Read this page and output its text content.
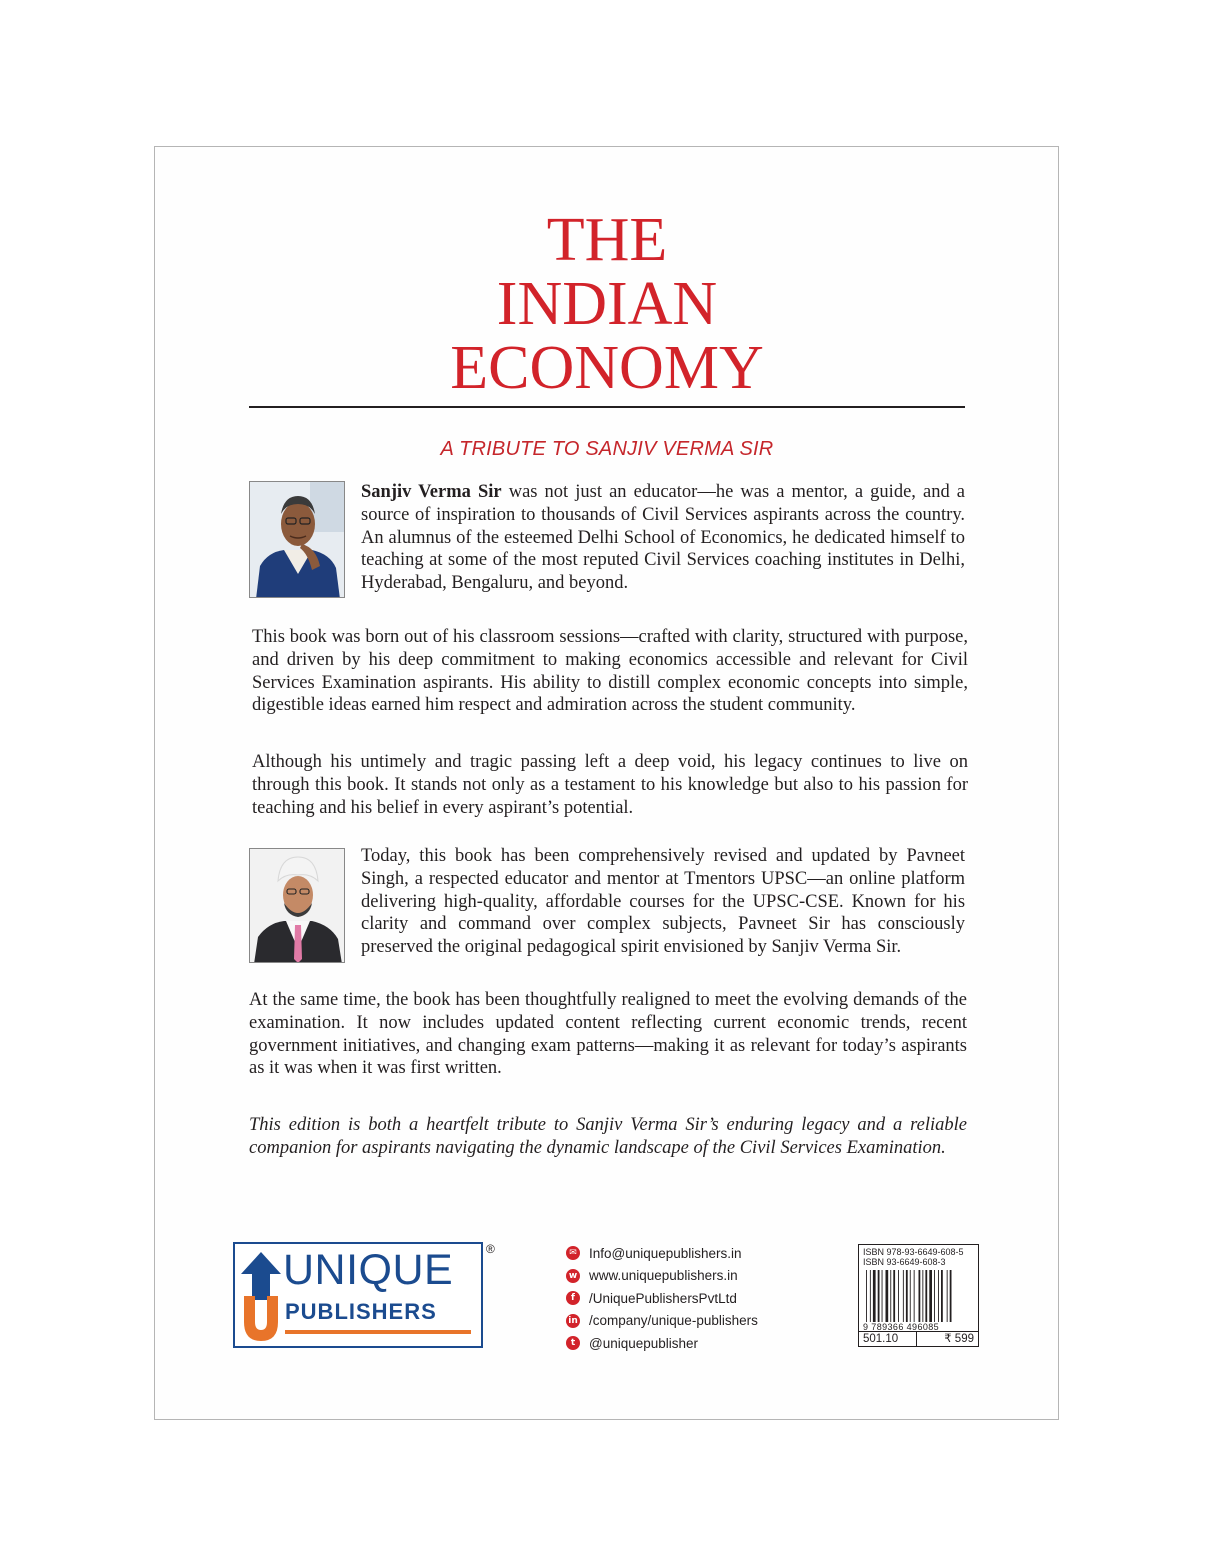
THE
INDIAN
ECONOMY
A TRIBUTE TO SANJIV VERMA SIR

Sanjiv Verma Sir was not just an educator—he was a mentor, a guide, and a source of inspiration to thousands of Civil Services aspirants across the country. An alumnus of the esteemed Delhi School of Economics, he dedicated himself to teaching at some of the most reputed Civil Services coaching institutes in Delhi, Hyderabad, Bengaluru, and beyond.

This book was born out of his classroom sessions—crafted with clarity, structured with purpose, and driven by his deep commitment to making economics accessible and relevant for Civil Services Examination aspirants. His ability to distill complex economic concepts into simple, digestible ideas earned him respect and admiration across the student community.

Although his untimely and tragic passing left a deep void, his legacy continues to live on through this book. It stands not only as a testament to his knowledge but also to his passion for teaching and his belief in every aspirant’s potential.

Today, this book has been comprehensively revised and updated by Pavneet Singh, a respected educator and mentor at Tmentors UPSC—an online platform delivering high-quality, affordable courses for the UPSC-CSE. Known for his clarity and command over complex subjects, Pavneet Sir has consciously preserved the original pedagogical spirit envisioned by Sanjiv Verma Sir.

At the same time, the book has been thoughtfully realigned to meet the evolving demands of the examination. It now includes updated content reflecting current economic trends, recent government initiatives, and changing exam patterns—making it as relevant for today’s aspirants as it was when it was first written.

This edition is both a heartfelt tribute to Sanjiv Verma Sir’s enduring legacy and a reliable companion for aspirants navigating the dynamic landscape of the Civil Services Examination.

UNIQUE
PUBLISHERS
®	✉ Info@uniquepublishers.in
w www.uniquepublishers.in
f	/UniquePublishersPvtLtd
in /company/unique-publishers
t	@uniquepublisher
ISBN 978-93-6649-608-5
ISBN 93-6649-608-3
9 789366 496085
501.10	₹ 599
